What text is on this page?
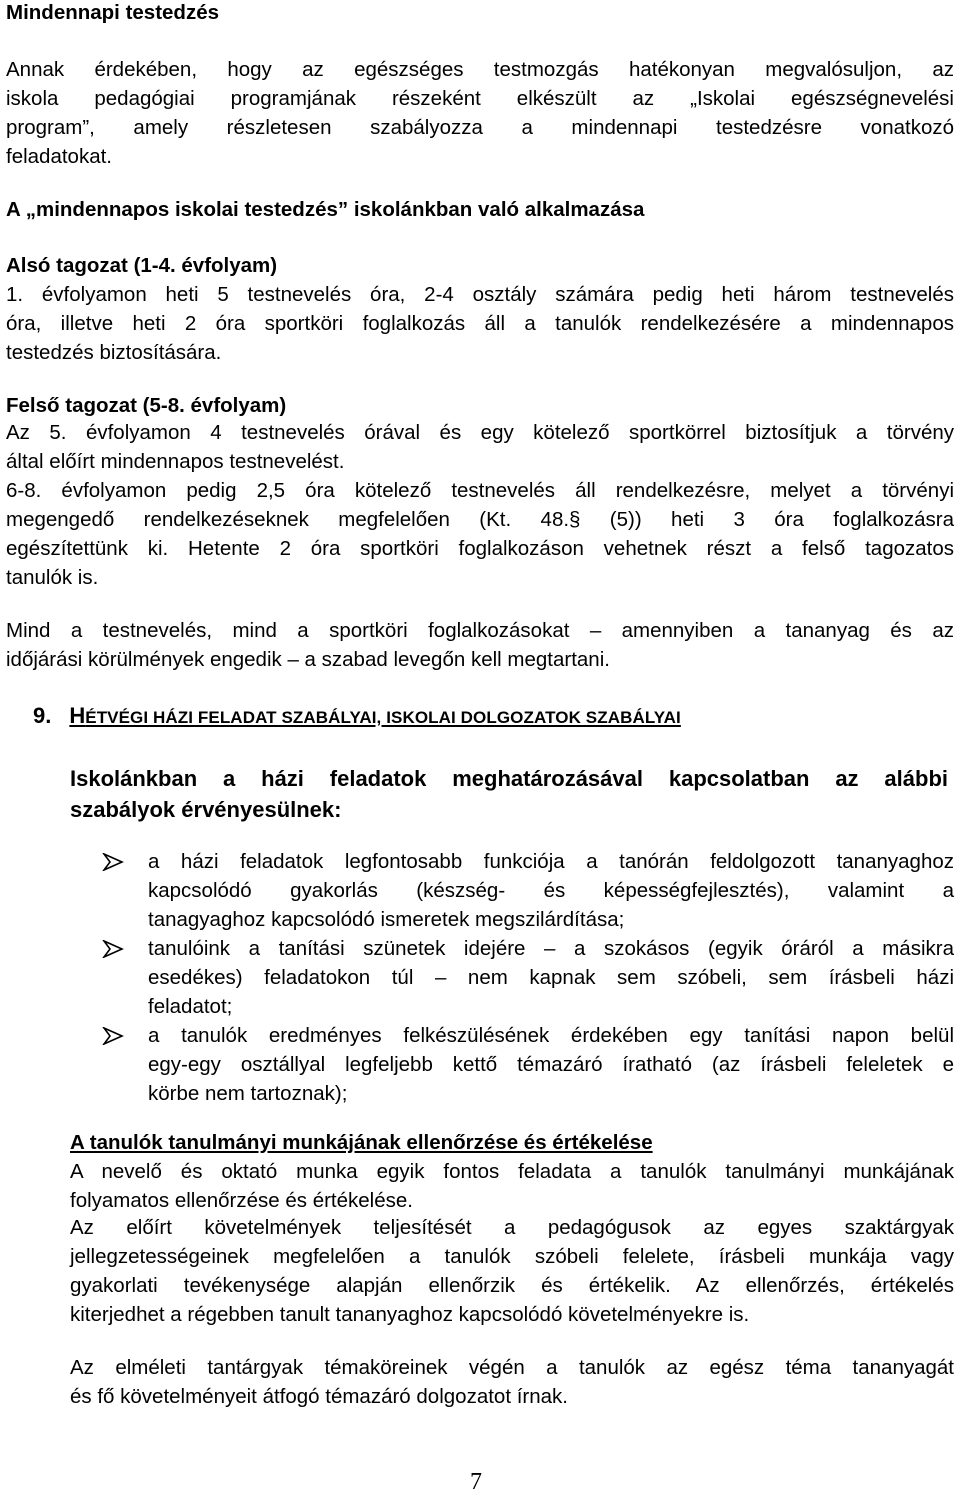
Mindennapi testedzés
Annak érdekében, hogy az egészséges testmozgás hatékonyan megvalósuljon, az
iskola pedagógiai programjának részeként elkészült az „Iskolai egészségnevelési
program”, amely részletesen szabályozza a mindennapi testedzésre vonatkozó
feladatokat.
A „mindennapos iskolai testedzés” iskolánkban való alkalmazása
Alsó tagozat (1-4. évfolyam)
1. évfolyamon heti 5 testnevelés óra, 2-4 osztály számára pedig heti három testnevelés
óra, illetve heti 2 óra sportköri foglalkozás áll a tanulók rendelkezésére a mindennapos
testedzés biztosítására.
Felső tagozat (5-8. évfolyam)
Az 5. évfolyamon 4 testnevelés órával és egy kötelező sportkörrel biztosítjuk a törvény
által előírt mindennapos testnevelést.
6-8. évfolyamon pedig 2,5 óra kötelező testnevelés áll rendelkezésre, melyet a törvényi
megengedő rendelkezéseknek megfelelően (Kt. 48.§ (5)) heti 3 óra foglalkozásra
egészítettünk ki. Hetente 2 óra sportköri foglalkozáson vehetnek részt a felső tagozatos
tanulók is.
Mind a testnevelés, mind a sportköri foglalkozásokat – amennyiben a tananyag és az
időjárási körülmények engedik – a szabad levegőn kell megtartani.
9. HÉTVÉGI HÁZI FELADAT SZABÁLYAI, ISKOLAI DOLGOZATOK SZABÁLYAI
Iskolánkban a házi feladatok meghatározásával kapcsolatban az alábbi
szabályok érvényesülnek:
a házi feladatok legfontosabb funkciója a tanórán feldolgozott tananyaghoz
kapcsolódó gyakorlás (készség- és képességfejlesztés), valamint a
tanagyaghoz kapcsolódó ismeretek megszilárdítása;
tanulóink a tanítási szünetek idejére – a szokásos (egyik óráról a másikra
esedékes) feladatokon túl – nem kapnak sem szóbeli, sem írásbeli házi
feladatot;
a tanulók eredményes felkészülésének érdekében egy tanítási napon belül
egy-egy osztállyal legfeljebb kettő témazáró íratható (az írásbeli feleletek e
körbe nem tartoznak);
A tanulók tanulmányi munkájának ellenőrzése és értékelése
A nevelő és oktató munka egyik fontos feladata a tanulók tanulmányi munkájának
folyamatos ellenőrzése és értékelése.
Az előírt követelmények teljesítését a pedagógusok az egyes szaktárgyak
jellegzetességeinek megfelelően a tanulók szóbeli felelete, írásbeli munkája vagy
gyakorlati tevékenysége alapján ellenőrzik és értékelik. Az ellenőrzés, értékelés
kiterjedhet a régebben tanult tananyaghoz kapcsolódó követelményekre is.
Az elméleti tantárgyak témaköreinek végén a tanulók az egész téma tananyagát
és fő követelményeit átfogó témazáró dolgozatot írnak.
7
